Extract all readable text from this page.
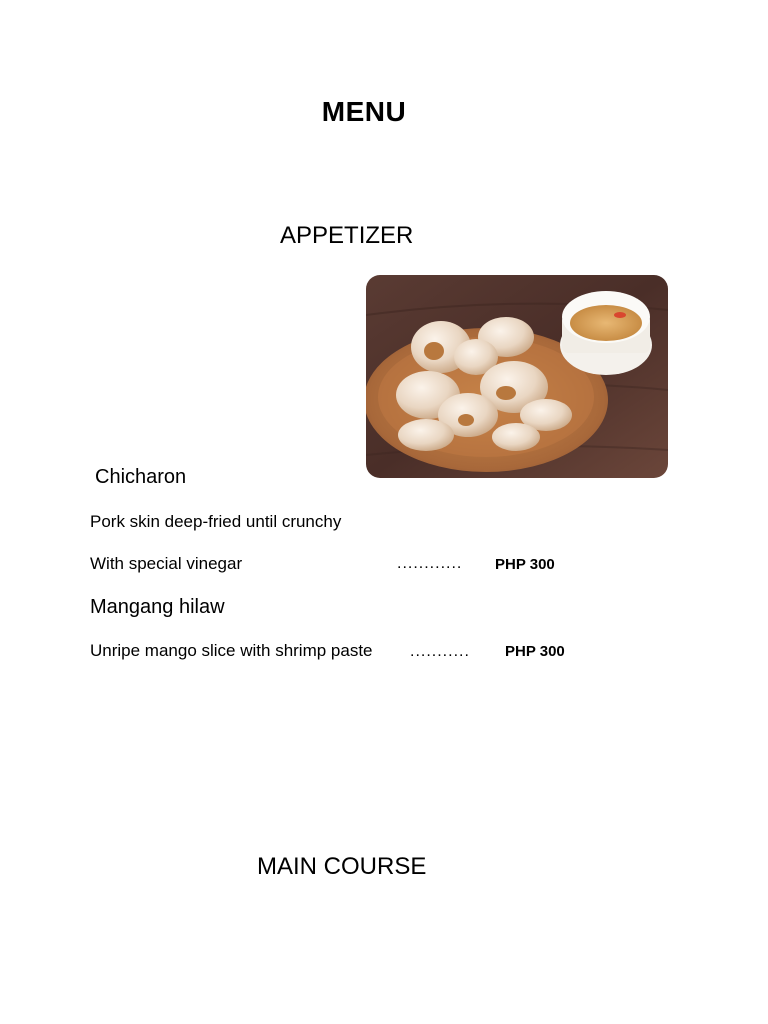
MENU
APPETIZER
Chicharon
Pork skin deep-fried until crunchy
With special vinegar	............ PHP 300
Mangang hilaw
Unripe mango slice with shrimp paste ........... PHP 300
MAIN COURSE
